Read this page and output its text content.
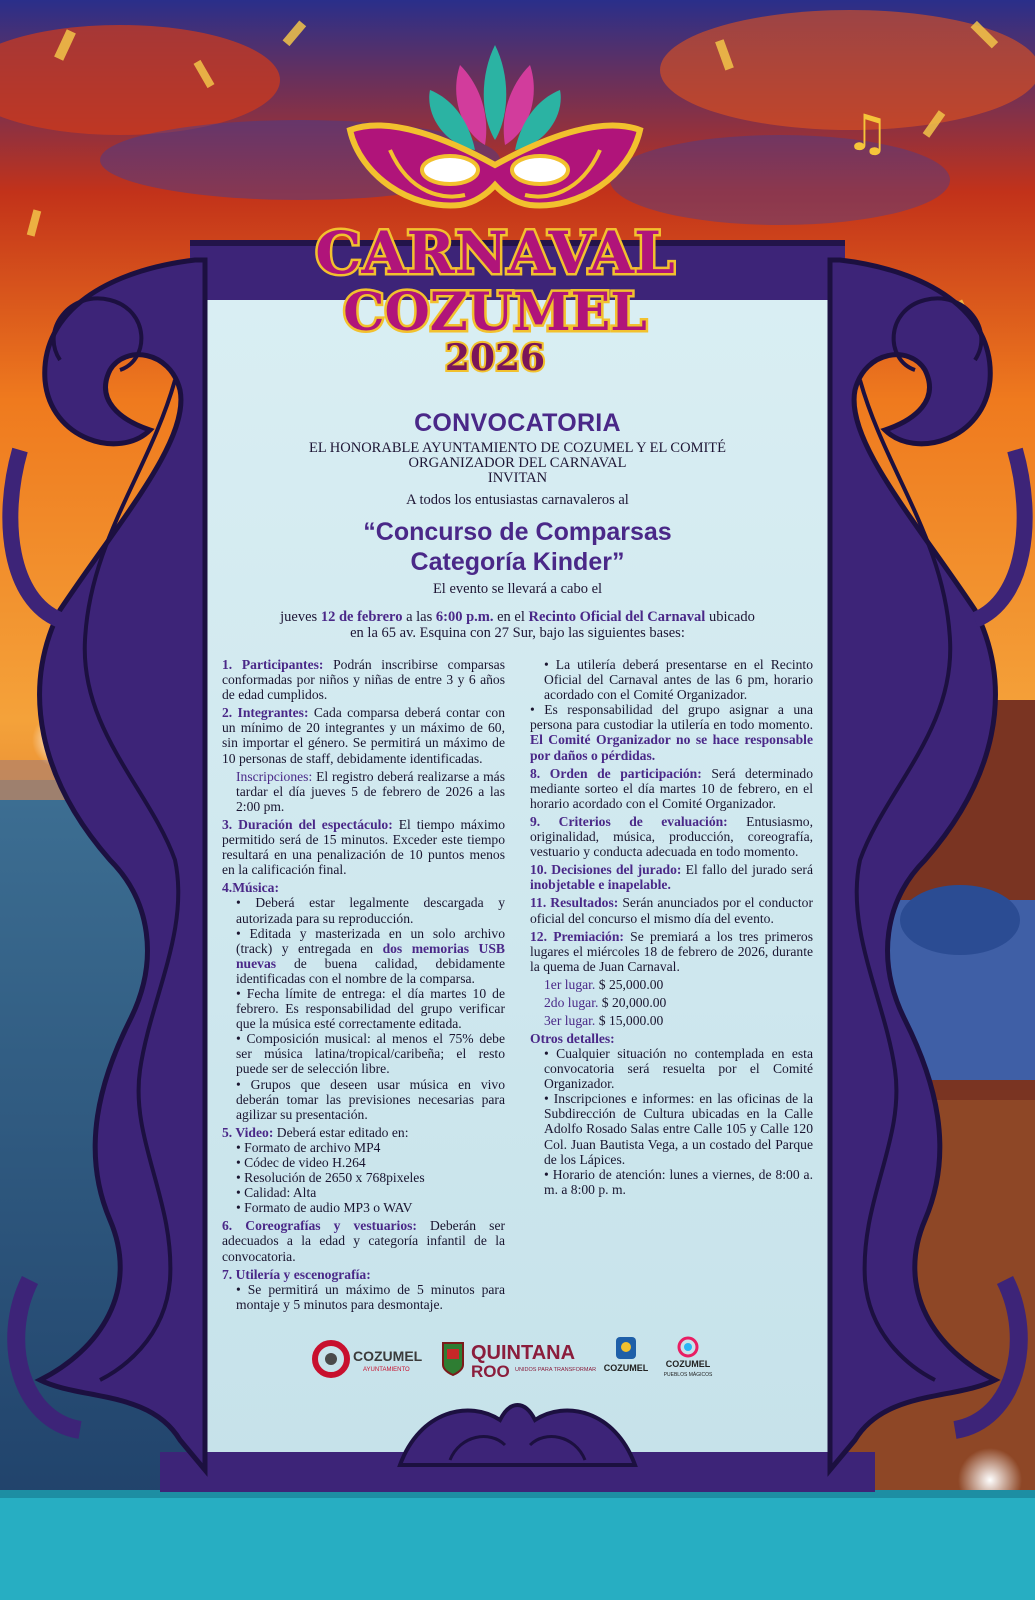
♫
CARNAVAL
COZUMEL
2026
CONVOCATORIA
EL HONORABLE AYUNTAMIENTO DE COZUMEL Y EL COMITÉ
ORGANIZADOR DEL CARNAVAL
INVITAN
A todos los entusiastas carnavaleros al
“Concurso de Comparsas
Categoría Kinder”
El evento se llevará a cabo el
jueves 12 de febrero a las 6:00 p.m. en el Recinto Oficial del Carnaval ubicado
en la 65 av. Esquina con 27 Sur, bajo las siguientes bases:

1. Participantes: Podrán inscribirse comparsas conformadas por niños y niñas de entre 3 y 6 años de edad cumplidos.

2. Integrantes: Cada comparsa deberá contar con un mínimo de 20 integrantes y un máximo de 60, sin importar el género. Se permitirá un máximo de 10 personas de staff, debidamente identificadas.

Inscripciones: El registro deberá realizarse a más tardar el día jueves 5 de febrero de 2026 a las 2:00 pm.

3. Duración del espectáculo: El tiempo máximo permitido será de 15 minutos. Exceder este tiempo resultará en una penalización de 10 puntos menos en la calificación final.

4.Música:

• Deberá estar legalmente descargada y autorizada para su reproducción.

• Editada y masterizada en un solo archivo (track) y entregada en dos memorias USB nuevas de buena calidad, debidamente identificadas con el nombre de la comparsa.

• Fecha límite de entrega: el día martes 10 de febrero. Es responsabilidad del grupo verificar que la música esté correctamente editada.

• Composición musical: al menos el 75% debe ser música latina/tropical/caribeña; el resto puede ser de selección libre.

• Grupos que deseen usar música en vivo deberán tomar las previsiones necesarias para agilizar su presentación.

5. Video: Deberá estar editado en:

• Formato de archivo MP4
• Códec de video H.264
• Resolución de 2650 x 768pixeles
• Calidad: Alta
• Formato de audio MP3 o WAV

6. Coreografías y vestuarios: Deberán ser adecuados a la edad y categoría infantil de la convocatoria.

7. Utilería y escenografía:

• Se permitirá un máximo de 5 minutos para montaje y 5 minutos para desmontaje.

• La utilería deberá presentarse en el Recinto Oficial del Carnaval antes de las 6 pm, horario acordado con el Comité Organizador.

• Es responsabilidad del grupo asignar a una persona para custodiar la utilería en todo momento. El Comité Organizador no se hace responsable por daños o pérdidas.

8. Orden de participación: Será determinado mediante sorteo el día martes 10 de febrero, en el horario acordado con el Comité Organizador.

9. Criterios de evaluación: Entusiasmo, originalidad, música, producción, coreografía, vestuario y conducta adecuada en todo momento.

10. Decisiones del jurado: El fallo del jurado será inobjetable e inapelable.

11. Resultados: Serán anunciados por el conductor oficial del concurso el mismo día del evento.

12. Premiación: Se premiará a los tres primeros lugares el miércoles 18 de febrero de 2026, durante la quema de Juan Carnaval.

1er lugar. $ 25,000.00
2do lugar. $ 20,000.00
3er lugar. $ 15,000.00

Otros detalles:

• Cualquier situación no contemplada en esta convocatoria será resuelta por el Comité Organizador.

• Inscripciones e informes: en las oficinas de la Subdirección de Cultura ubicadas en la Calle Adolfo Rosado Salas entre Calle 105 y Calle 120 Col. Juan Bautista Vega, a un costado del Parque de los Lápices.

• Horario de atención: lunes a viernes, de 8:00 a. m. a 8:00 p. m.

COZUMEL
AYUNTAMIENTO
QUINTANA
ROO UNIDOS PARA TRANSFORMAR COZUMEL COZUMEL
PUEBLOS MÁGICOS
